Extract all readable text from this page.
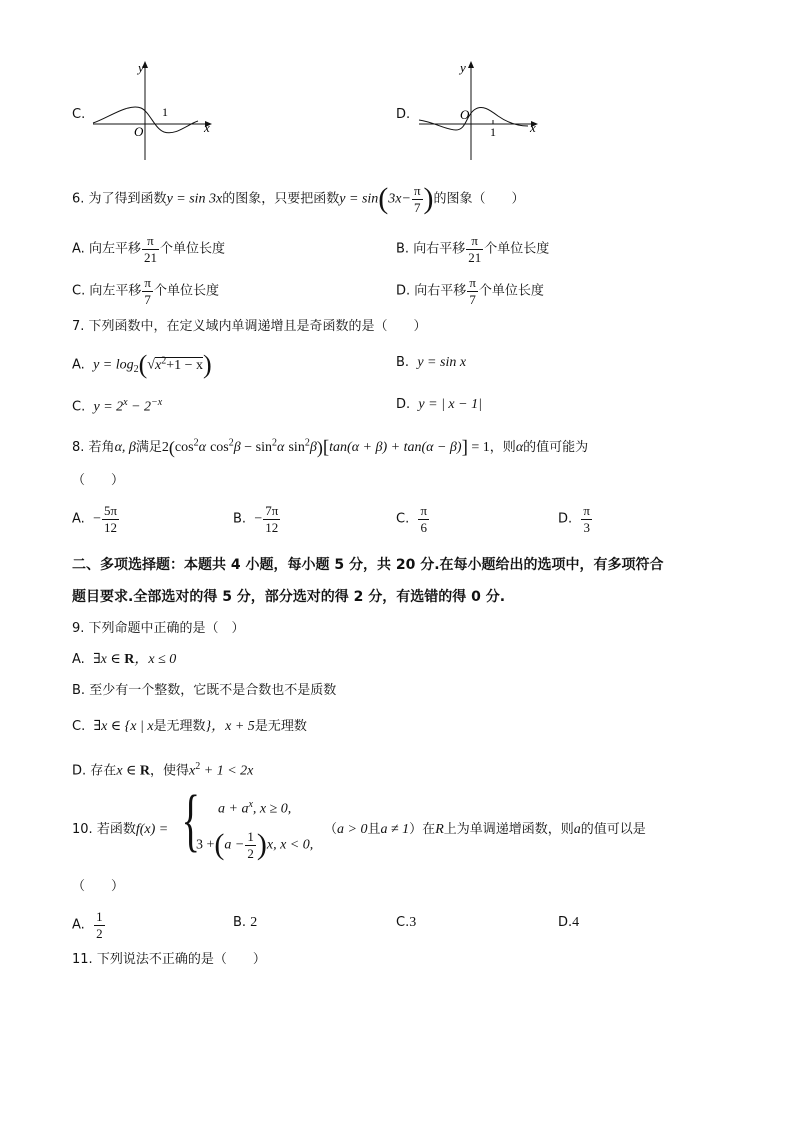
C.
y
x
O
1	D.
y
x
O
1
6. 为了得到函数y = sin 3x的图象，只要把函数$y = \sin(3x- \frac{\pi}{7}$ )的图象（　　）
A. 向左平移 $\frac{\pi}{21}$ 个单位长度	B. 向右平移 $\frac{\pi}{21}$ 个单位长度
C. 向左平移 $\frac{\pi}{7}$ 个单位长度	D. 向右平移 $\frac{\pi}{7}$ 个单位长度
7. 下列函数中，在定义域内单调递增且是奇函数的是（　　）
A. $y = \log_2(√x^2+1 - x)$	B. y = sin x
C. $y = 2^x - 2^{-x}$	D. y = | x − 1|
8. 若角α, β满足$2(\cos^2\alpha$ $\cos^2\beta - \sin^2\alpha$ $\sin^2\beta)[\tan(\alpha + \beta) + \tan(\alpha - \beta)] = 1$，则α的值可能为
（　　）
A. − $\frac{5\pi}{12}$	B. − $\frac{7\pi}{12}$	C. $\frac{\pi}{6}$	D. $\frac{\pi}{3}$
二、多项选择题：本题共 4 小题，每小题 5 分，共 20 分.在每小题给出的选项中，有多项符合
题目要求.全部选对的得 5 分，部分选对的得 2 分，有选错的得 0 分.
9. 下列命题中正确的是（　）
A. ∃x ∈ R，x ≤ 0
B. 至少有一个整数，它既不是合数也不是质数
C. ∃x ∈ {x | x是无理数}，x + 5是无理数
D. 存在x ∈ R，使得$x^2 + 1 < 2x$
10. 若函数f(x) = {	$a + a^x$, x ≥ 0,
$3 +(a - \frac{1}{2} )x$, x < 0,
（a > 0且a ≠ 1）在R上为单调递增函数，则a的值可以是
（　　）
A. $\frac{1}{2}$	B. 2	C.3	D.4
11. 下列说法不正确的是（　　）
